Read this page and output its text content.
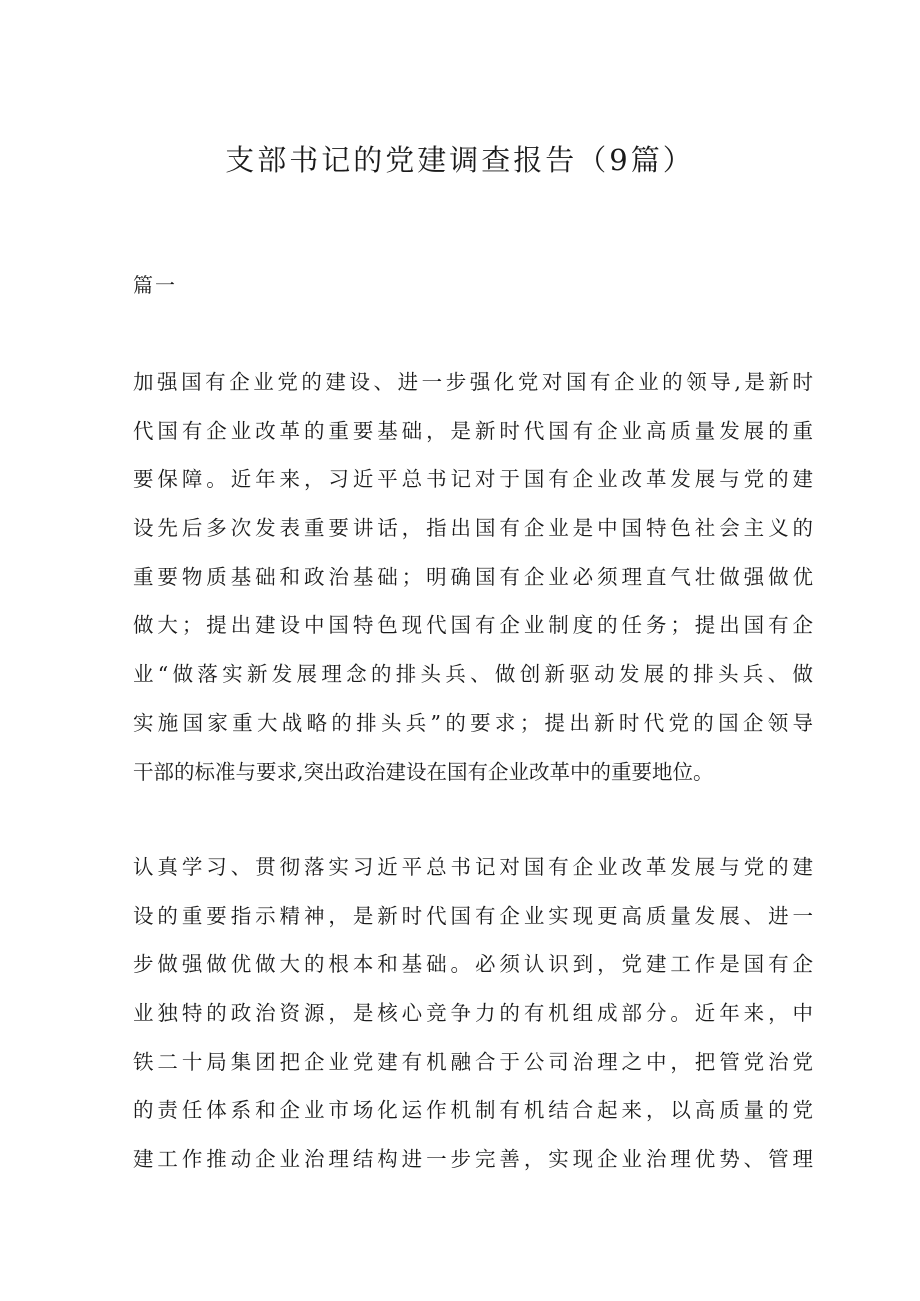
支部书记的党建调查报告（9篇）
篇一
加强国有企业党的建设、进一步强化党对国有企业的领导,是新时
代国有企业改革的重要基础，是新时代国有企业高质量发展的重
要保障。近年来，习近平总书记对于国有企业改革发展与党的建
设先后多次发表重要讲话，指出国有企业是中国特色社会主义的
重要物质基础和政治基础；明确国有企业必须理直气壮做强做优
做大；提出建设中国特色现代国有企业制度的任务；提出国有企
业“做落实新发展理念的排头兵、做创新驱动发展的排头兵、做
实施国家重大战略的排头兵”的要求；提出新时代党的国企领导
干部的标准与要求,突出政治建设在国有企业改革中的重要地位。
认真学习、贯彻落实习近平总书记对国有企业改革发展与党的建
设的重要指示精神，是新时代国有企业实现更高质量发展、进一
步做强做优做大的根本和基础。必须认识到，党建工作是国有企
业独特的政治资源，是核心竞争力的有机组成部分。近年来，中
铁二十局集团把企业党建有机融合于公司治理之中，把管党治党
的责任体系和企业市场化运作机制有机结合起来，以高质量的党
建工作推动企业治理结构进一步完善，实现企业治理优势、管理
